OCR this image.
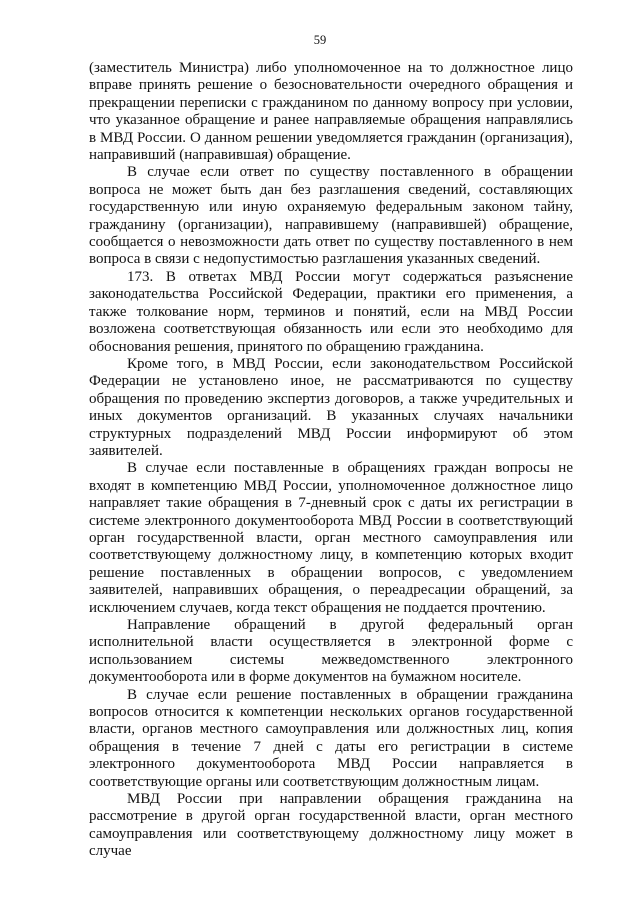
59

(заместитель Министра) либо уполномоченное на то должностное лицо вправе принять решение о безосновательности очередного обращения и прекращении переписки с гражданином по данному вопросу при условии, что указанное обращение и ранее направляемые обращения направлялись в МВД России. О данном решении уведомляется гражданин (организация), направивший (направившая) обращение.

В случае если ответ по существу поставленного в обращении вопроса не может быть дан без разглашения сведений, составляющих государственную или иную охраняемую федеральным законом тайну, гражданину (организации), направившему (направившей) обращение, сообщается о невозможности дать ответ по существу поставленного в нем вопроса в связи с недопустимостью разглашения указанных сведений.

173. В ответах МВД России могут содержаться разъяснение законодательства Российской Федерации, практики его применения, а также толкование норм, терминов и понятий, если на МВД России возложена соответствующая обязанность или если это необходимо для обоснования решения, принятого по обращению гражданина.

Кроме того, в МВД России, если законодательством Российской Федерации не установлено иное, не рассматриваются по существу обращения по проведению экспертиз договоров, а также учредительных и иных документов организаций. В указанных случаях начальники структурных подразделений МВД России информируют об этом заявителей.

В случае если поставленные в обращениях граждан вопросы не входят в компетенцию МВД России, уполномоченное должностное лицо направляет такие обращения в 7-дневный срок с даты их регистрации в системе электронного документооборота МВД России в соответствующий орган государственной власти, орган местного самоуправления или соответствующему должностному лицу, в компетенцию которых входит решение поставленных в обращении вопросов, с уведомлением заявителей, направивших обращения, о переадресации обращений, за исключением случаев, когда текст обращения не поддается прочтению.

Направление обращений в другой федеральный орган исполнительной власти осуществляется в электронной форме с использованием системы межведомственного электронного документооборота или в форме документов на бумажном носителе.

В случае если решение поставленных в обращении гражданина вопросов относится к компетенции нескольких органов государственной власти, органов местного самоуправления или должностных лиц, копия обращения в течение 7 дней с даты его регистрации в системе электронного документооборота МВД России направляется в соответствующие органы или соответствующим должностным лицам.

МВД России при направлении обращения гражданина на рассмотрение в другой орган государственной власти, орган местного самоуправления или соответствующему должностному лицу может в случае
